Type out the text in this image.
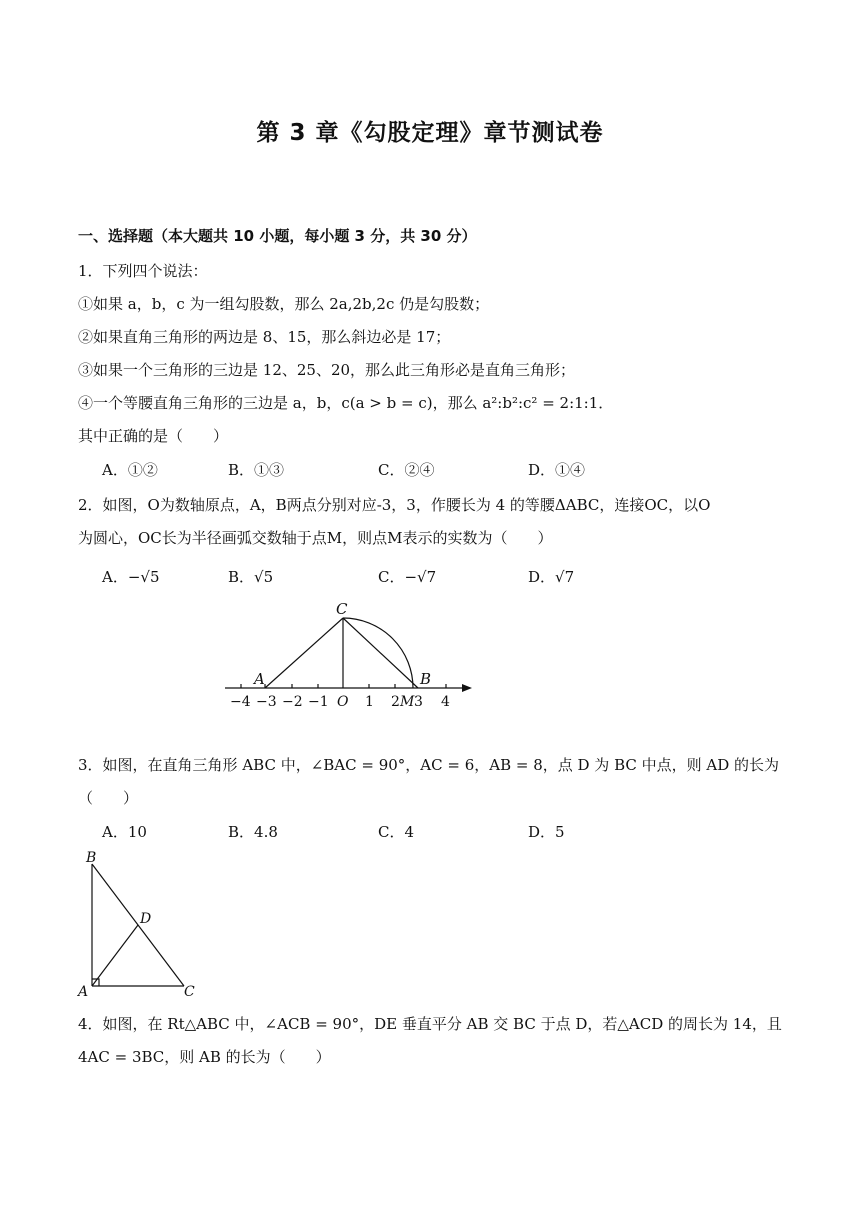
第 3 章《勾股定理》章节测试卷
一、选择题（本大题共 10 小题，每小题 3 分，共 30 分）
1．下列四个说法：
①如果 a，b，c 为一组勾股数，那么 2a,2b,2c 仍是勾股数；
②如果直角三角形的两边是 8、15，那么斜边必是 17；
③如果一个三角形的三边是 12、25、20，那么此三角形必是直角三角形；
④一个等腰直角三角形的三边是 a，b，c(a > b = c)，那么 a²:b²:c² = 2:1:1．
其中正确的是（　　）
A．①②	B．①③	C．②④	D．①④
2．如图，O为数轴原点，A，B两点分别对应-3，3，作腰长为 4 的等腰ΔABC，连接OC，以O
为圆心，OC长为半径画弧交数轴于点M，则点M表示的实数为（　　）
A．−√5	B．√5	C．−√7	D．√7
−4 −3 −2 −1 O 1 2 M 3 4
A	B
C
3．如图，在直角三角形 ABC 中，∠BAC = 90°，AC = 6，AB = 8，点 D 为 BC 中点，则 AD 的长为
（　　）
A．10	B．4.8	C．4	D．5
B
D
A	C
4．如图，在 Rt△ABC 中，∠ACB = 90°，DE 垂直平分 AB 交 BC 于点 D，若△ACD 的周长为 14，且
4AC = 3BC，则 AB 的长为（　　）
